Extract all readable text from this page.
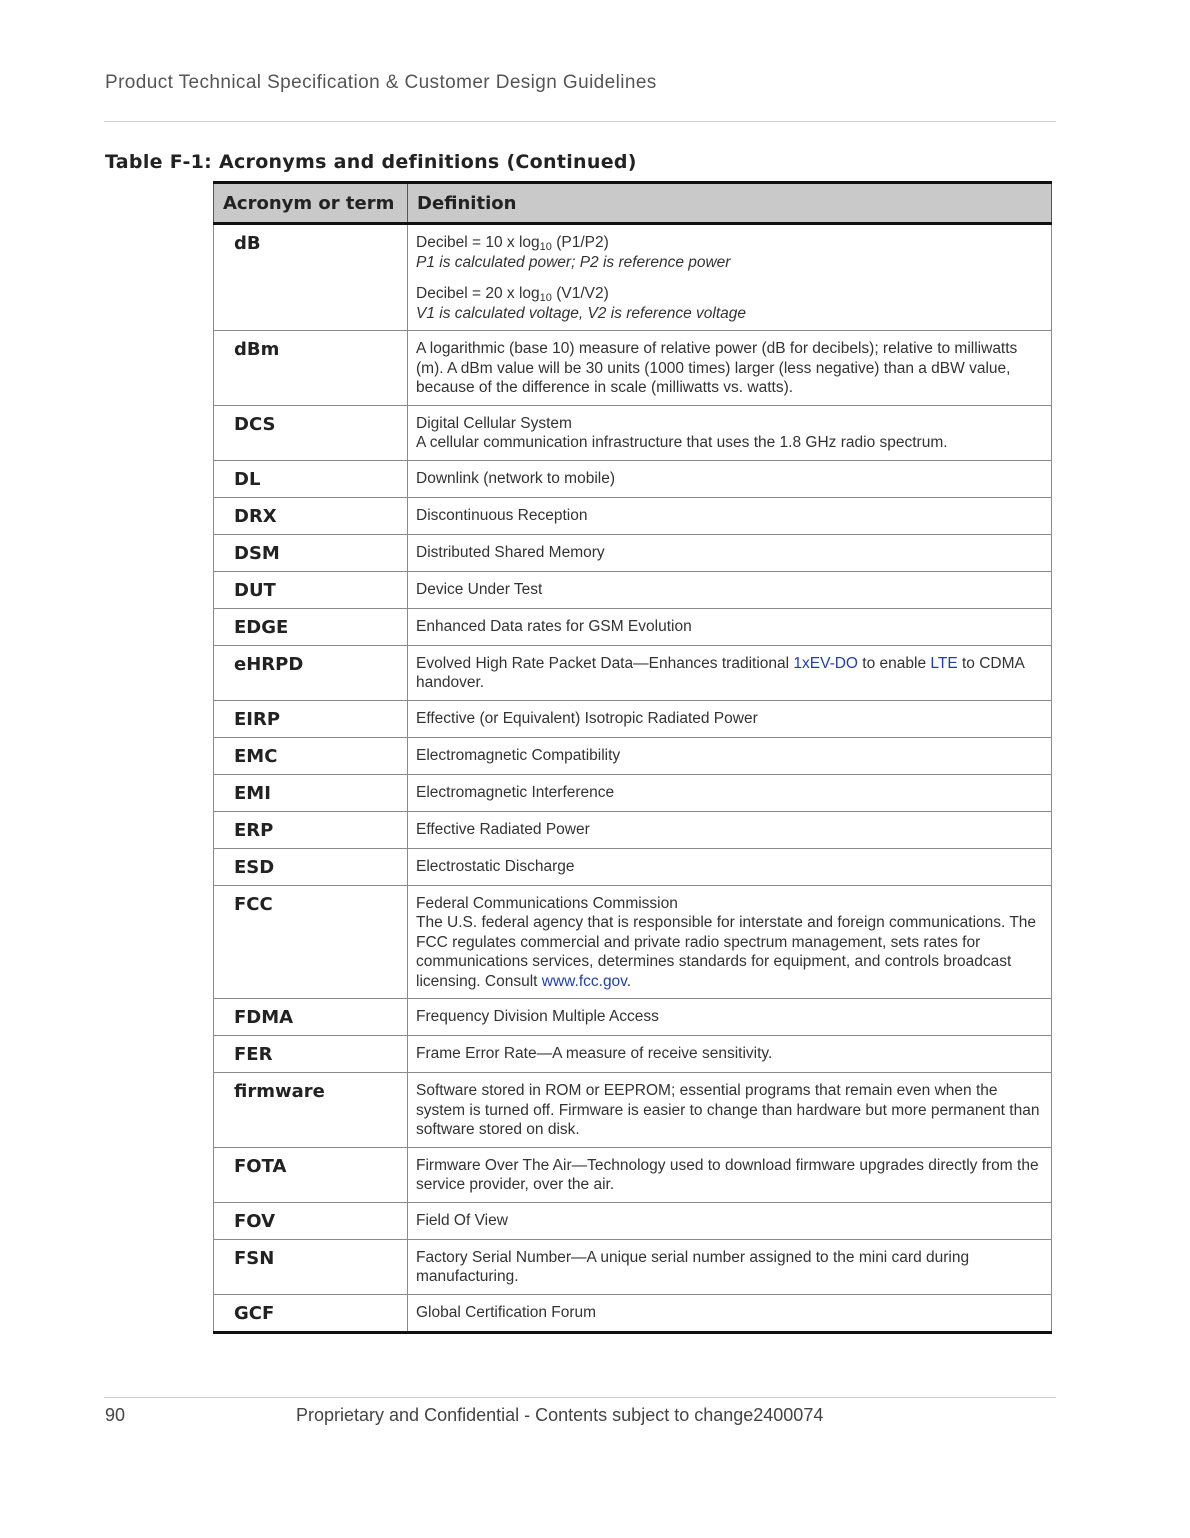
Product Technical Specification & Customer Design Guidelines
Table F-1: Acronyms and definitions (Continued)
Acronym or term	Definition
dB	Decibel = 10 x $\log_{10} (P1/P2)$
P1 is calculated power; P2 is reference power
Decibel = 20 x $\log_{10} (V1/V2)$
V1 is calculated voltage, V2 is reference voltage

dBm	A logarithmic (base 10) measure of relative power (dB for decibels); relative to milliwatts (m). A dBm value will be 30 units (1000 times) larger (less negative) than a dBW value, because of the difference in scale (milliwatts vs. watts).
DCS	Digital Cellular System
A cellular communication infrastructure that uses the 1.8 GHz radio spectrum.

DL	Downlink (network to mobile)
DRX	Discontinuous Reception
DSM	Distributed Shared Memory
DUT	Device Under Test
EDGE	Enhanced Data rates for GSM Evolution
eHRPD	Evolved High Rate Packet Data—Enhances traditional 1xEV-DO to enable LTE to CDMA handover.
EIRP	Effective (or Equivalent) Isotropic Radiated Power
EMC	Electromagnetic Compatibility
EMI	Electromagnetic Interference
ERP	Effective Radiated Power
ESD	Electrostatic Discharge
FCC	Federal Communications Commission
The U.S. federal agency that is responsible for interstate and foreign communications. The FCC regulates commercial and private radio spectrum management, sets rates for communications services, determines standards for equipment, and controls broadcast licensing. Consult www.fcc.gov.

FDMA	Frequency Division Multiple Access
FER	Frame Error Rate—A measure of receive sensitivity.
firmware	Software stored in ROM or EEPROM; essential programs that remain even when the system is turned off. Firmware is easier to change than hardware but more permanent than software stored on disk.
FOTA	Firmware Over The Air—Technology used to download firmware upgrades directly from the service provider, over the air.
FOV	Field Of View
FSN	Factory Serial Number—A unique serial number assigned to the mini card during manufacturing.
GCF	Global Certification Forum
90	Proprietary and Confidential - Contents subject to change2400074
